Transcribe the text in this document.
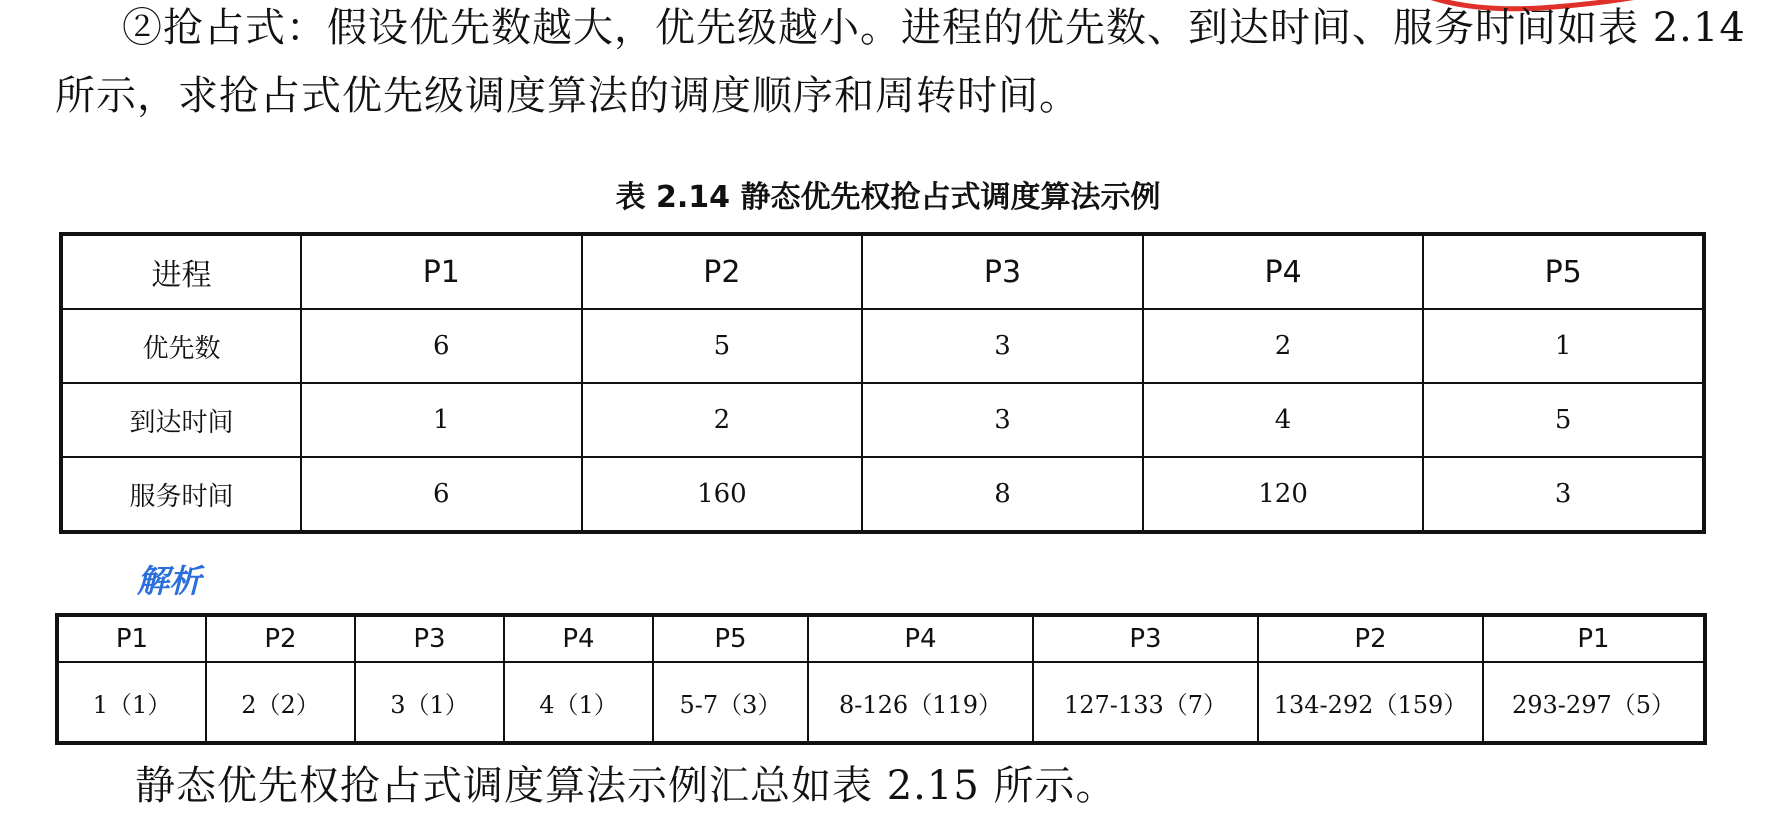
②抢占式：假设优先数越大，优先级越小。进程的优先数、到达时间、服务时间如表 2.14
所示，求抢占式优先级调度算法的调度顺序和周转时间。
表 2.14 静态优先权抢占式调度算法示例
进程	P1	P2	P3	P4	P5
优先数	6	5	3	2	1
到达时间	1	2	3	4	5
服务时间	6	160	8	120	3
解析
P1	P2	P3	P4	P5	P4	P3	P2	P1
1（1）	2（2）	3（1）	4（1）	5-7（3）	8-126（119）	127-133（7）	134-292（159）	293-297（5）
静态优先权抢占式调度算法示例汇总如表 2.15 所示。
